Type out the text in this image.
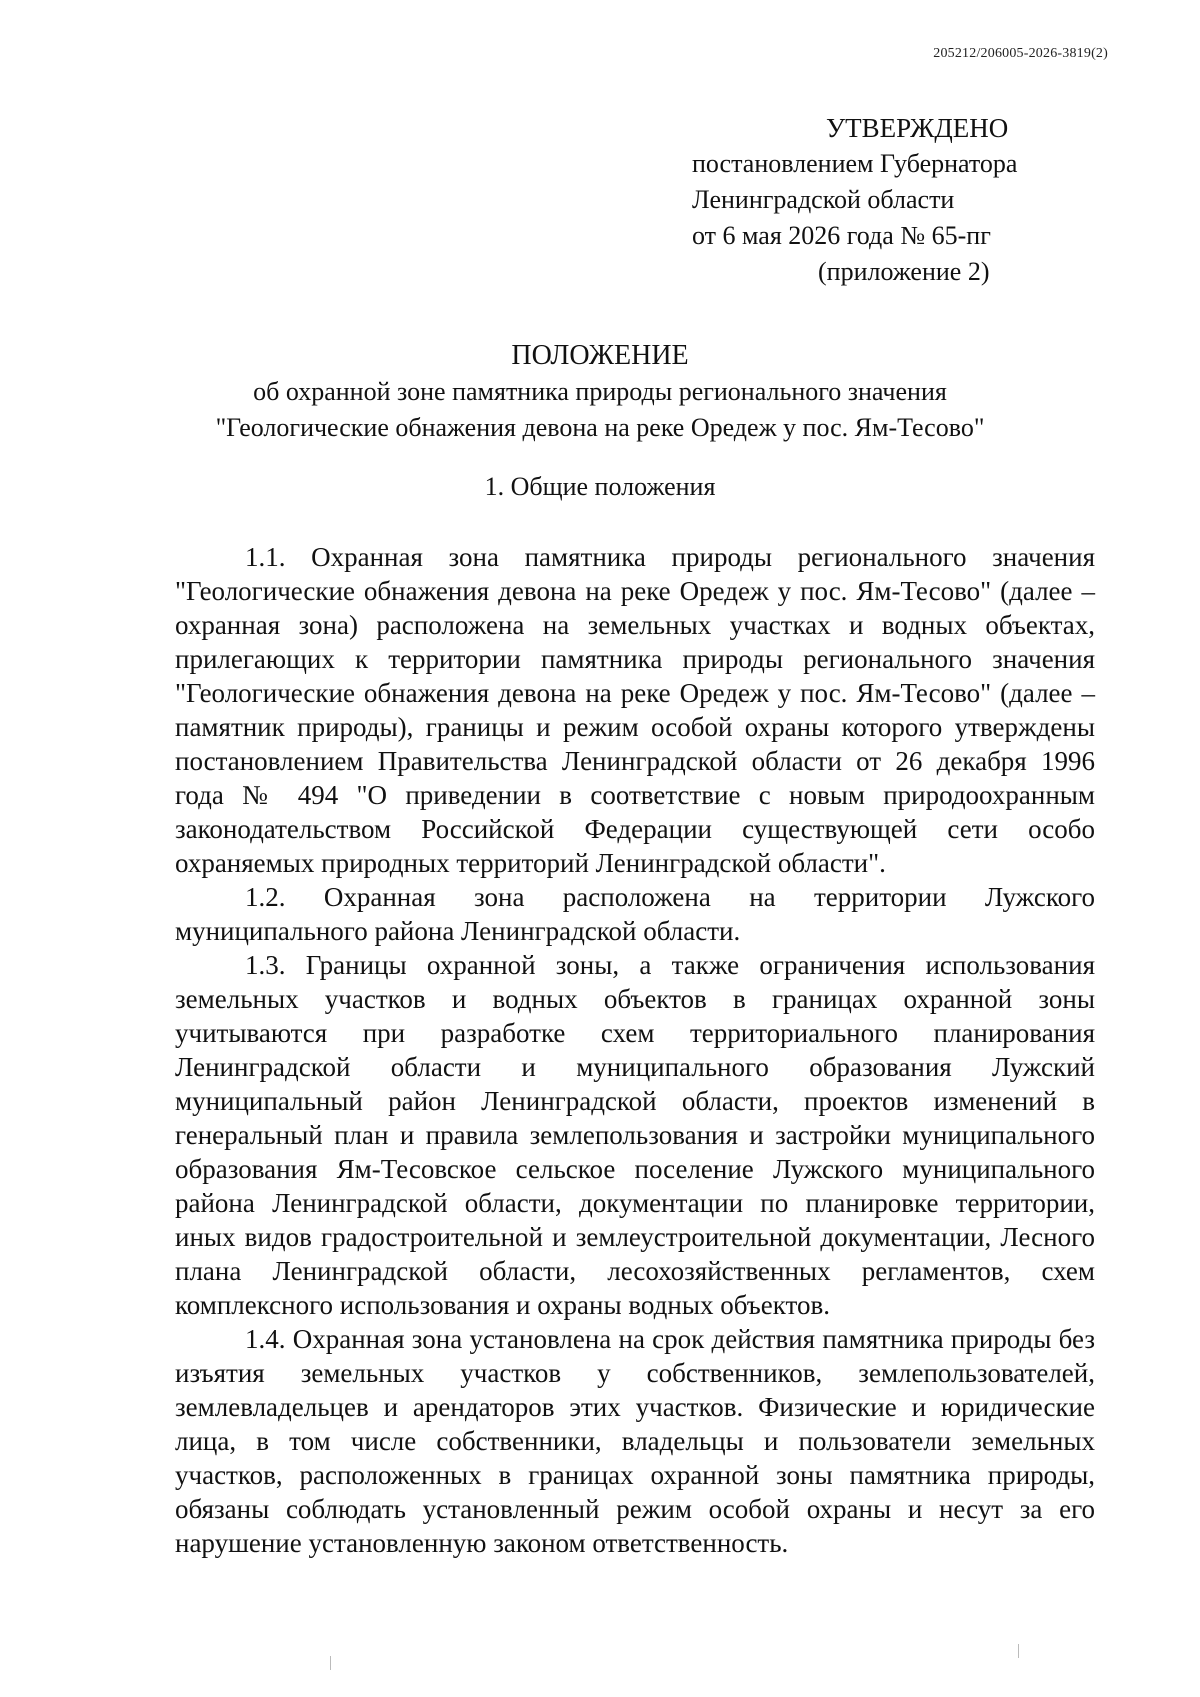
205212/206005-2026-3819(2)
УТВЕРЖДЕНО
постановлением Губернатора
Ленинградской области
от 6 мая 2026 года № 65-пг
(приложение 2)
ПОЛОЖЕНИЕ
об охранной зоне памятника природы регионального значения
"Геологические обнажения девона на реке Оредеж у пос. Ям-Тесово"
1. Общие положения

1.1. Охранная зона памятника природы регионального значения "Геологические обнажения девона на реке Оредеж у пос. Ям-Тесово" (далее – охранная зона) расположена на земельных участках и водных объектах, прилегающих к территории памятника природы регионального значения "Геологические обнажения девона на реке Оредеж у пос. Ям-Тесово" (далее – памятник природы), границы и режим особой охраны которого утверждены постановлением Правительства Ленинградской области от 26 декабря 1996 года № 494 "О приведении в соответствие с новым природоохранным законодательством Российской Федерации существующей сети особо охраняемых природных территорий Ленинградской области".

1.2. Охранная зона расположена на территории Лужского муниципального района Ленинградской области.

1.3. Границы охранной зоны, а также ограничения использования земельных участков и водных объектов в границах охранной зоны учитываются при разработке схем территориального планирования Ленинградской области и муниципального образования Лужский муниципальный район Ленинградской области, проектов изменений в генеральный план и правила землепользования и застройки муниципального образования Ям-Тесовское сельское поселение Лужского муниципального района Ленинградской области, документации по планировке территории, иных видов градостроительной и землеустроительной документации, Лесного плана Ленинградской области, лесохозяйственных регламентов, схем комплексного использования и охраны водных объектов.

1.4. Охранная зона установлена на срок действия памятника природы без изъятия земельных участков у собственников, землепользователей, землевладельцев и арендаторов этих участков. Физические и юридические лица, в том числе собственники, владельцы и пользователи земельных участков, расположенных в границах охранной зоны памятника природы, обязаны соблюдать установленный режим особой охраны и несут за его нарушение установленную законом ответственность.
